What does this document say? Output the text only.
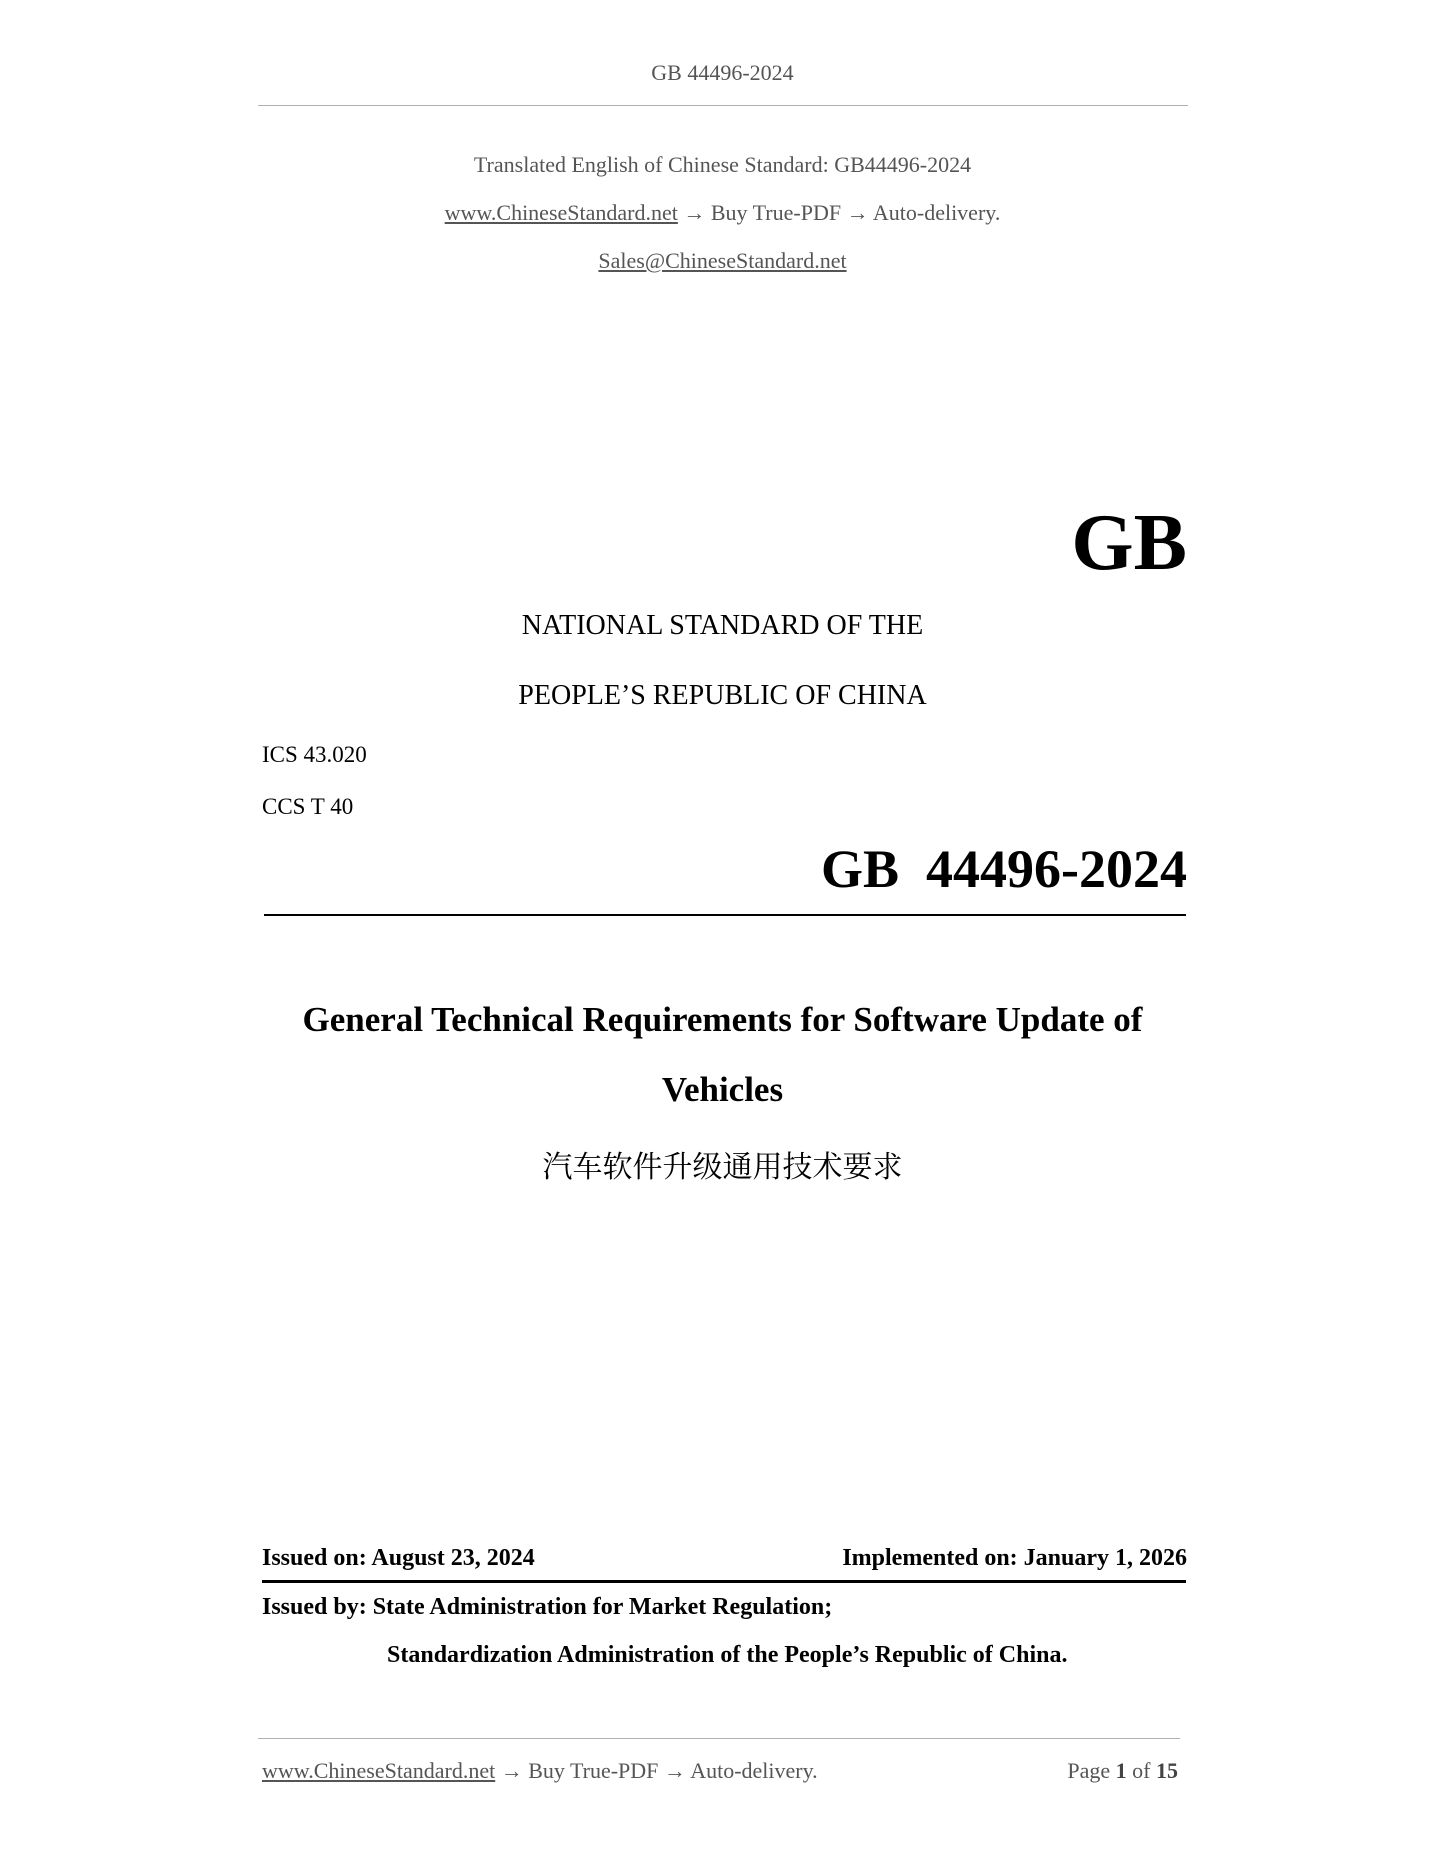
GB 44496-2024
Translated English of Chinese Standard: GB44496-2024
www.ChineseStandard.net → Buy True-PDF → Auto-delivery.
Sales@ChineseStandard.net
GB
NATIONAL STANDARD OF THE
PEOPLE’S REPUBLIC OF CHINA
ICS 43.020
CCS T 40
GB  44496-2024
General Technical Requirements for Software Update of
Vehicles
汽车软件升级通用技术要求
Issued on: August 23, 2024	Implemented on: January 1, 2026
Issued by: State Administration for Market Regulation;
Standardization Administration of the People’s Republic of China.
www.ChineseStandard.net → Buy True-PDF → Auto-delivery.	Page 1 of 15
